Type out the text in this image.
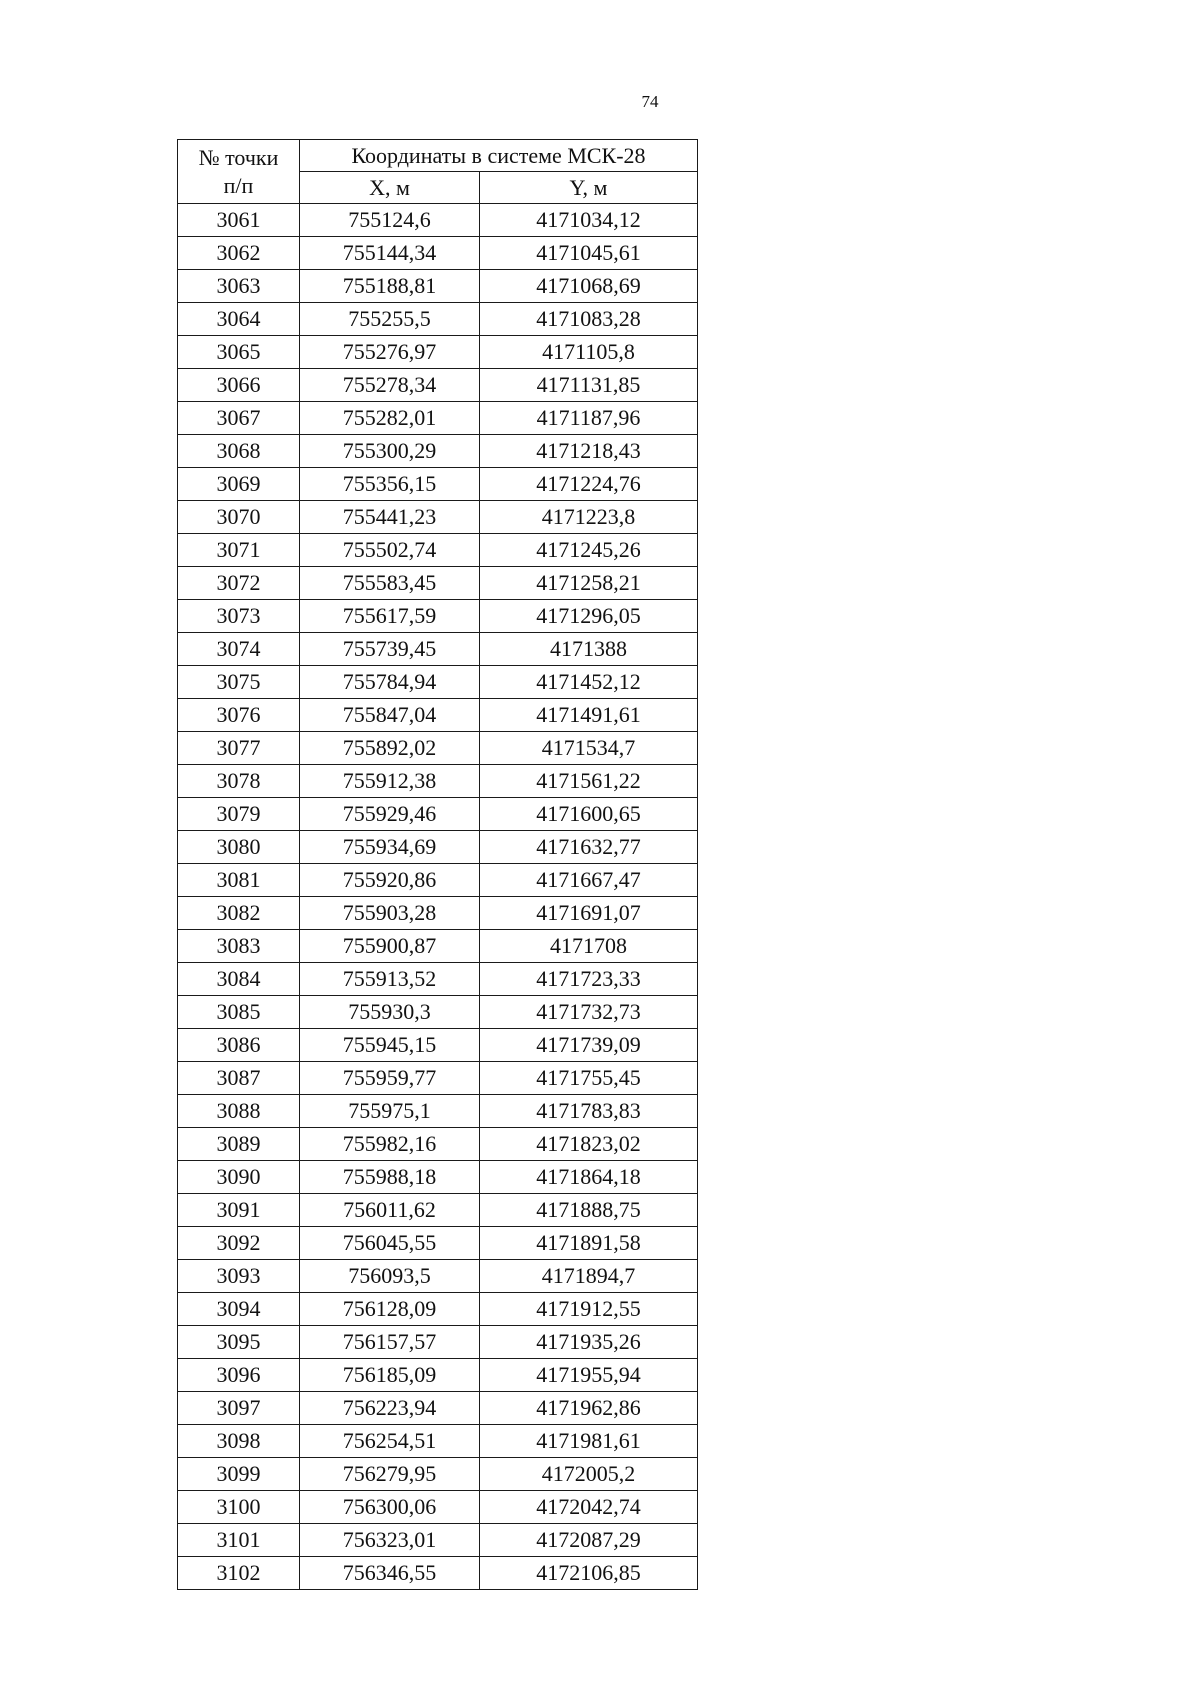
74
№ точки
п/п	Координаты в системе МСК-28	
	X, м	Y, м
3061	755124,6	4171034,12
3062	755144,34	4171045,61
3063	755188,81	4171068,69
3064	755255,5	4171083,28
3065	755276,97	4171105,8
3066	755278,34	4171131,85
3067	755282,01	4171187,96
3068	755300,29	4171218,43
3069	755356,15	4171224,76
3070	755441,23	4171223,8
3071	755502,74	4171245,26
3072	755583,45	4171258,21
3073	755617,59	4171296,05
3074	755739,45	4171388
3075	755784,94	4171452,12
3076	755847,04	4171491,61
3077	755892,02	4171534,7
3078	755912,38	4171561,22
3079	755929,46	4171600,65
3080	755934,69	4171632,77
3081	755920,86	4171667,47
3082	755903,28	4171691,07
3083	755900,87	4171708
3084	755913,52	4171723,33
3085	755930,3	4171732,73
3086	755945,15	4171739,09
3087	755959,77	4171755,45
3088	755975,1	4171783,83
3089	755982,16	4171823,02
3090	755988,18	4171864,18
3091	756011,62	4171888,75
3092	756045,55	4171891,58
3093	756093,5	4171894,7
3094	756128,09	4171912,55
3095	756157,57	4171935,26
3096	756185,09	4171955,94
3097	756223,94	4171962,86
3098	756254,51	4171981,61
3099	756279,95	4172005,2
3100	756300,06	4172042,74
3101	756323,01	4172087,29
3102	756346,55	4172106,85
